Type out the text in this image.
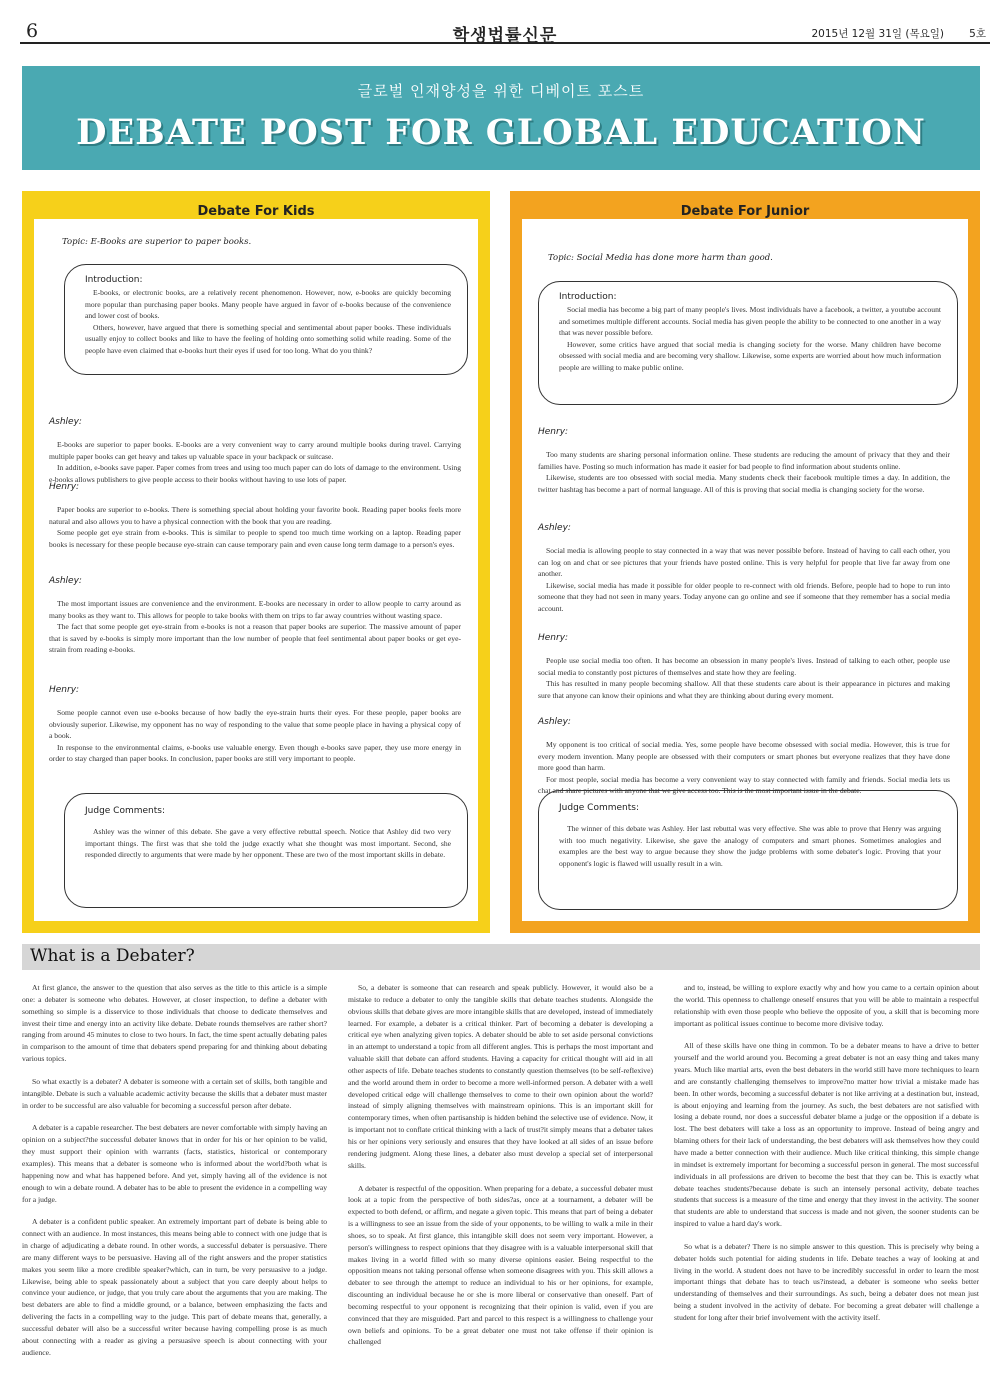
6	학생법률신문	2015년 12월 31일 (목요일) 5호
글로벌 인재양성을 위한 디베이트 포스트
DEBATE POST FOR GLOBAL EDUCATION
Debate For Kids
Topic: E-Books are superior to paper books.
Introduction:

E-books, or electronic books, are a relatively recent phenomenon. However, now, e-books are quickly becoming more popular than purchasing paper books. Many people have argued in favor of e-books because of the convenience and lower cost of books.

Others, however, have argued that there is something special and sentimental about paper books. These individuals usually enjoy to collect books and like to have the feeling of holding onto something solid while reading. Some of the people have even claimed that e-books hurt their eyes if used for too long. What do you think?

Ashley:

E-books are superior to paper books. E-books are a very convenient way to carry around multiple books during travel. Carrying multiple paper books can get heavy and takes up valuable space in your backpack or suitcase.

In addition, e-books save paper. Paper comes from trees and using too much paper can do lots of damage to the environment. Using e-books allows publishers to give people access to their books without having to use lots of paper.

Henry:

Paper books are superior to e-books. There is something special about holding your favorite book. Reading paper books feels more natural and also allows you to have a physical connection with the book that you are reading.

Some people get eye strain from e-books. This is similar to people to spend too much time working on a laptop. Reading paper books is necessary for these people because eye-strain can cause temporary pain and even cause long term damage to a person's eyes.

Ashley:

The most important issues are convenience and the environment. E-books are necessary in order to allow people to carry around as many books as they want to. This allows for people to take books with them on trips to far away countries without wasting space.

The fact that some people get eye-strain from e-books is not a reason that paper books are superior. The massive amount of paper that is saved by e-books is simply more important than the low number of people that feel sentimental about paper books or get eye-strain from reading e-books.

Henry:

Some people cannot even use e-books because of how badly the eye-strain hurts their eyes. For these people, paper books are obviously superior. Likewise, my opponent has no way of responding to the value that some people place in having a physical copy of a book.

In response to the environmental claims, e-books use valuable energy. Even though e-books save paper, they use more energy in order to stay charged than paper books. In conclusion, paper books are still very important to people.

Judge Comments:

Ashley was the winner of this debate. She gave a very effective rebuttal speech. Notice that Ashley did two very important things. The first was that she told the judge exactly what she thought was most important. Second, she responded directly to arguments that were made by her opponent. These are two of the most important skills in debate.

Debate For Junior
Topic: Social Media has done more harm than good.
Introduction:

Social media has become a big part of many people's lives. Most individuals have a facebook, a twitter, a youtube account and sometimes multiple different accounts. Social media has given people the ability to be connected to one another in a way that was never possible before.

However, some critics have argued that social media is changing society for the worse. Many children have become obsessed with social media and are becoming very shallow. Likewise, some experts are worried about how much information people are willing to make public online.

Henry:

Too many students are sharing personal information online. These students are reducing the amount of privacy that they and their families have. Posting so much information has made it easier for bad people to find information about students online.

Likewise, students are too obsessed with social media. Many students check their facebook multiple times a day. In addition, the twitter hashtag has become a part of normal language. All of this is proving that social media is changing society for the worse.

Ashley:

Social media is allowing people to stay connected in a way that was never possible before. Instead of having to call each other, you can log on and chat or see pictures that your friends have posted online. This is very helpful for people that live far away from one another.

Likewise, social media has made it possible for older people to re-connect with old friends. Before, people had to hope to run into someone that they had not seen in many years. Today anyone can go online and see if someone that they remember has a social media account.

Henry:

People use social media too often. It has become an obsession in many people's lives. Instead of talking to each other, people use social media to constantly post pictures of themselves and state how they are feeling.

This has resulted in many people becoming shallow. All that these students care about is their appearance in pictures and making sure that anyone can know their opinions and what they are thinking about during every moment.

Ashley:

My opponent is too critical of social media. Yes, some people have become obsessed with social media. However, this is true for every modern invention. Many people are obsessed with their computers or smart phones but everyone realizes that they have done more good than harm.

For most people, social media has become a very convenient way to stay connected with family and friends. Social media lets us chat and share pictures with anyone that we give access too. This is the most important issue in the debate.

Judge Comments:

The winner of this debate was Ashley. Her last rebuttal was very effective. She was able to prove that Henry was arguing with too much negativity. Likewise, she gave the analogy of computers and smart phones. Sometimes analogies and examples are the best way to argue because they show the judge problems with some debater's logic. Proving that your opponent's logic is flawed will usually result in a win.

What is a Debater?

At first glance, the answer to the question that also serves as the title to this article is a simple one: a debater is someone who debates. However, at closer inspection, to define a debater with something so simple is a disservice to those individuals that choose to dedicate themselves and invest their time and energy into an activity like debate. Debate rounds themselves are rather short?ranging from around 45 minutes to close to two hours. In fact, the time spent actually debating pales in comparison to the amount of time that debaters spend preparing for and thinking about debating various topics.

So what exactly is a debater? A debater is someone with a certain set of skills, both tangible and intangible. Debate is such a valuable academic activity because the skills that a debater must master in order to be successful are also valuable for becoming a successful person after debate.

A debater is a capable researcher. The best debaters are never comfortable with simply having an opinion on a subject?the successful debater knows that in order for his or her opinion to be valid, they must support their opinion with warrants (facts, statistics, historical or contemporary examples). This means that a debater is someone who is informed about the world?both what is happening now and what has happened before. And yet, simply having all of the evidence is not enough to win a debate round. A debater has to be able to present the evidence in a compelling way for a judge.

A debater is a confident public speaker. An extremely important part of debate is being able to connect with an audience. In most instances, this means being able to connect with one judge that is in charge of adjudicating a debate round. In other words, a successful debater is persuasive. There are many different ways to be persuasive. Having all of the right answers and the proper statistics makes you seem like a more credible speaker?which, can in turn, be very persuasive to a judge. Likewise, being able to speak passionately about a subject that you care deeply about helps to convince your audience, or judge, that you truly care about the arguments that you are making. The best debaters are able to find a middle ground, or a balance, between emphasizing the facts and delivering the facts in a compelling way to the judge. This part of debate means that, generally, a successful debater will also be a successful writer because having compelling prose is as much about connecting with a reader as giving a persuasive speech is about connecting with your audience.

So, a debater is someone that can research and speak publicly. However, it would also be a mistake to reduce a debater to only the tangible skills that debate teaches students. Alongside the obvious skills that debate gives are more intangible skills that are developed, instead of immediately learned. For example, a debater is a critical thinker. Part of becoming a debater is developing a critical eye when analyzing given topics. A debater should be able to set aside personal convictions in an attempt to understand a topic from all different angles. This is perhaps the most important and valuable skill that debate can afford students. Having a capacity for critical thought will aid in all other aspects of life. Debate teaches students to constantly question themselves (to be self-reflexive) and the world around them in order to become a more well-informed person. A debater with a well developed critical edge will challenge themselves to come to their own opinion about the world?instead of simply aligning themselves with mainstream opinions. This is an important skill for contemporary times, when often partisanship is hidden behind the selective use of evidence. Now, it is important not to conflate critical thinking with a lack of trust?it simply means that a debater takes his or her opinions very seriously and ensures that they have looked at all sides of an issue before rendering judgment. Along these lines, a debater also must develop a special set of interpersonal skills.

A debater is respectful of the opposition. When preparing for a debate, a successful debater must look at a topic from the perspective of both sides?as, once at a tournament, a debater will be expected to both defend, or affirm, and negate a given topic. This means that part of being a debater is a willingness to see an issue from the side of your opponents, to be willing to walk a mile in their shoes, so to speak. At first glance, this intangible skill does not seem very important. However, a person's willingness to respect opinions that they disagree with is a valuable interpersonal skill that makes living in a world filled with so many diverse opinions easier. Being respectful to the opposition means not taking personal offense when someone disagrees with you. This skill allows a debater to see through the attempt to reduce an individual to his or her opinions, for example, discounting an individual because he or she is more liberal or conservative than oneself. Part of becoming respectful to your opponent is recognizing that their opinion is valid, even if you are convinced that they are misguided. Part and parcel to this respect is a willingness to challenge your own beliefs and opinions. To be a great debater one must not take offense if their opinion is challenged

and to, instead, be willing to explore exactly why and how you came to a certain opinion about the world. This openness to challenge oneself ensures that you will be able to maintain a respectful relationship with even those people who believe the opposite of you, a skill that is becoming more important as political issues continue to become more divisive today.

All of these skills have one thing in common. To be a debater means to have a drive to better yourself and the world around you. Becoming a great debater is not an easy thing and takes many years. Much like martial arts, even the best debaters in the world still have more techniques to learn and are constantly challenging themselves to improve?no matter how trivial a mistake made has been. In other words, becoming a successful debater is not like arriving at a destination but, instead, is about enjoying and learning from the journey. As such, the best debaters are not satisfied with losing a debate round, nor does a successful debater blame a judge or the opposition if a debate is lost. The best debaters will take a loss as an opportunity to improve. Instead of being angry and blaming others for their lack of understanding, the best debaters will ask themselves how they could have made a better connection with their audience. Much like critical thinking, this simple change in mindset is extremely important for becoming a successful person in general. The most successful individuals in all professions are driven to become the best that they can be. This is exactly what debate teaches students?because debate is such an intensely personal activity, debate teaches students that success is a measure of the time and energy that they invest in the activity. The sooner that students are able to understand that success is made and not given, the sooner students can be inspired to value a hard day's work.

So what is a debater? There is no simple answer to this question. This is precisely why being a debater holds such potential for aiding students in life. Debate teaches a way of looking at and living in the world. A student does not have to be incredibly successful in order to learn the most important things that debate has to teach us?instead, a debater is someone who seeks better understanding of themselves and their surroundings. As such, being a debater does not mean just being a student involved in the activity of debate. For becoming a great debater will challenge a student for long after their brief involvement with the activity itself.
